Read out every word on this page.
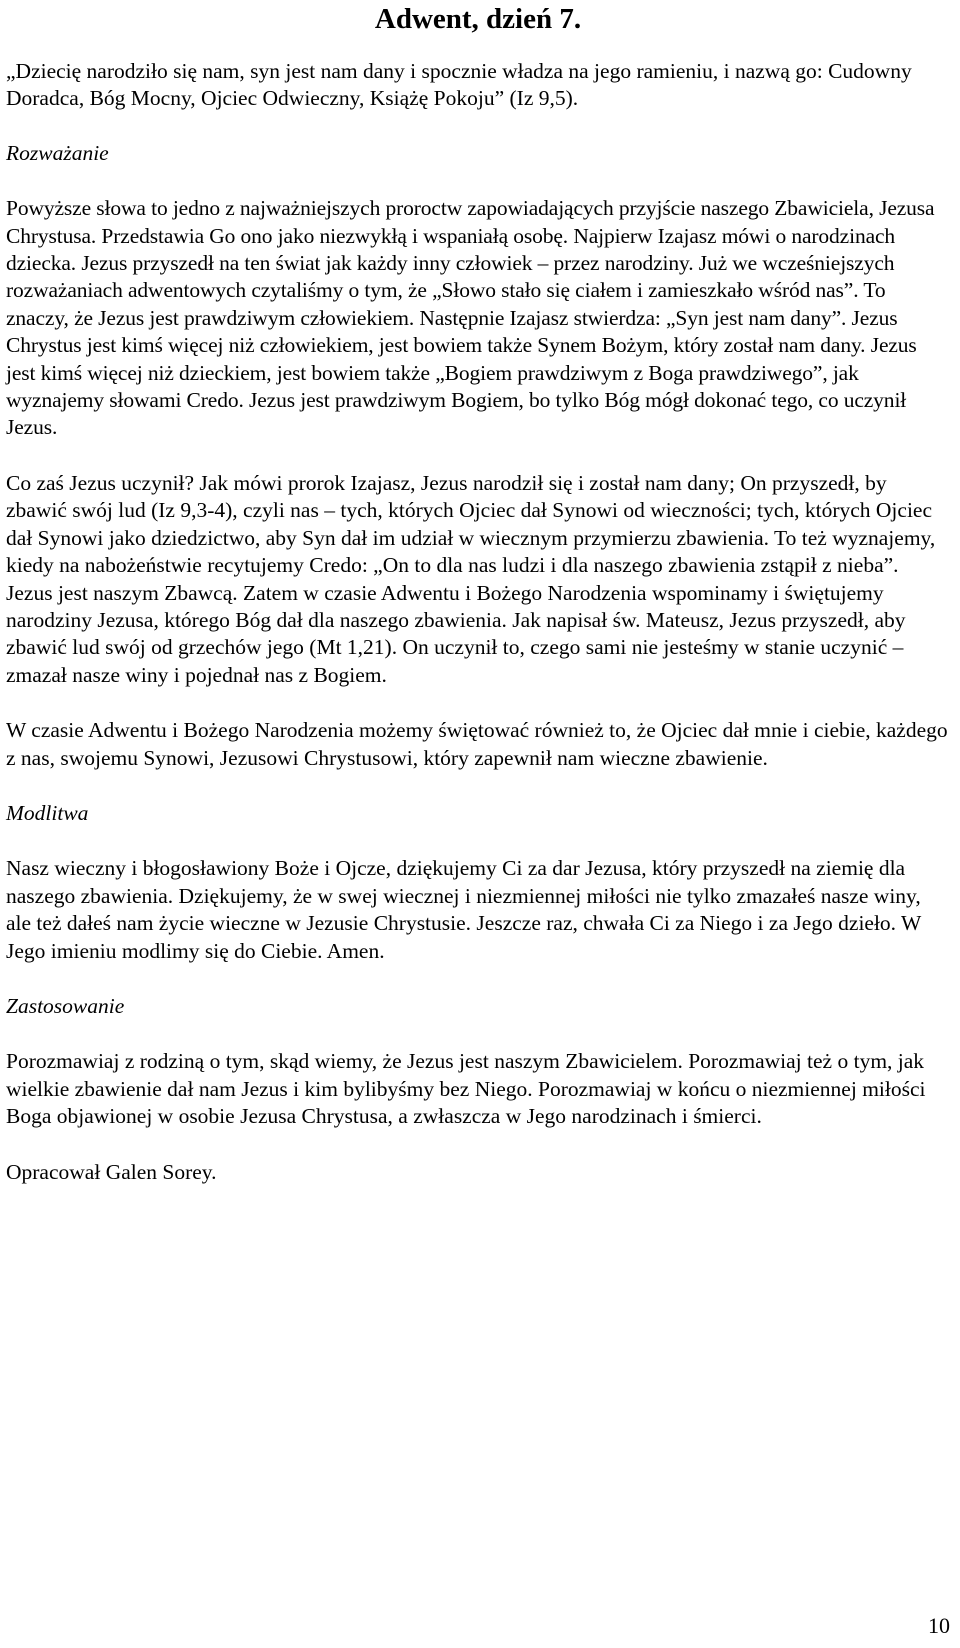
Adwent, dzień 7.

„Dziecię narodziło się nam, syn jest nam dany i spocznie władza na jego ramieniu, i nazwą go: Cudowny Doradca, Bóg Mocny, Ojciec Odwieczny, Książę Pokoju” (Iz 9,5).

Rozważanie

Powyższe słowa to jedno z najważniejszych proroctw zapowiadających przyjście naszego Zbawiciela, Jezusa Chrystusa. Przedstawia Go ono jako niezwykłą i wspaniałą osobę. Najpierw Izajasz mówi o narodzinach dziecka. Jezus przyszedł na ten świat jak każdy inny człowiek – przez narodziny. Już we wcześniejszych rozważaniach adwentowych czytaliśmy o tym, że „Słowo stało się ciałem i zamieszkało wśród nas”. To znaczy, że Jezus jest prawdziwym człowiekiem. Następnie Izajasz stwierdza: „Syn jest nam dany”. Jezus Chrystus jest kimś więcej niż człowiekiem, jest bowiem także Synem Bożym, który został nam dany. Jezus jest kimś więcej niż dzieckiem, jest bowiem także „Bogiem prawdziwym z Boga prawdziwego”, jak wyznajemy słowami Credo. Jezus jest prawdziwym Bogiem, bo tylko Bóg mógł dokonać tego, co uczynił Jezus.

Co zaś Jezus uczynił? Jak mówi prorok Izajasz, Jezus narodził się i został nam dany; On przyszedł, by zbawić swój lud (Iz 9,3-4), czyli nas – tych, których Ojciec dał Synowi od wieczności; tych, których Ojciec dał Synowi jako dziedzictwo, aby Syn dał im udział w wiecznym przymierzu zbawienia. To też wyznajemy, kiedy na nabożeństwie recytujemy Credo: „On to dla nas ludzi i dla naszego zbawienia zstąpił z nieba”. Jezus jest naszym Zbawcą. Zatem w czasie Adwentu i Bożego Narodzenia wspominamy i świętujemy narodziny Jezusa, którego Bóg dał dla naszego zbawienia. Jak napisał św. Mateusz, Jezus przyszedł, aby zbawić lud swój od grzechów jego (Mt 1,21). On uczynił to, czego sami nie jesteśmy w stanie uczynić – zmazał nasze winy i pojednał nas z Bogiem.

W czasie Adwentu i Bożego Narodzenia możemy świętować również to, że Ojciec dał mnie i ciebie, każdego z nas, swojemu Synowi, Jezusowi Chrystusowi, który zapewnił nam wieczne zbawienie.

Modlitwa

Nasz wieczny i błogosławiony Boże i Ojcze, dziękujemy Ci za dar Jezusa, który przyszedł na ziemię dla naszego zbawienia. Dziękujemy, że w swej wiecznej i niezmiennej miłości nie tylko zmazałeś nasze winy, ale też dałeś nam życie wieczne w Jezusie Chrystusie. Jeszcze raz, chwała Ci za Niego i za Jego dzieło. W Jego imieniu modlimy się do Ciebie. Amen.

Zastosowanie

Porozmawiaj z rodziną o tym, skąd wiemy, że Jezus jest naszym Zbawicielem. Porozmawiaj też o tym, jak wielkie zbawienie dał nam Jezus i kim bylibyśmy bez Niego. Porozmawiaj w końcu o niezmiennej miłości Boga objawionej w osobie Jezusa Chrystusa, a zwłaszcza w Jego narodzinach i śmierci.

Opracował Galen Sorey.

10
